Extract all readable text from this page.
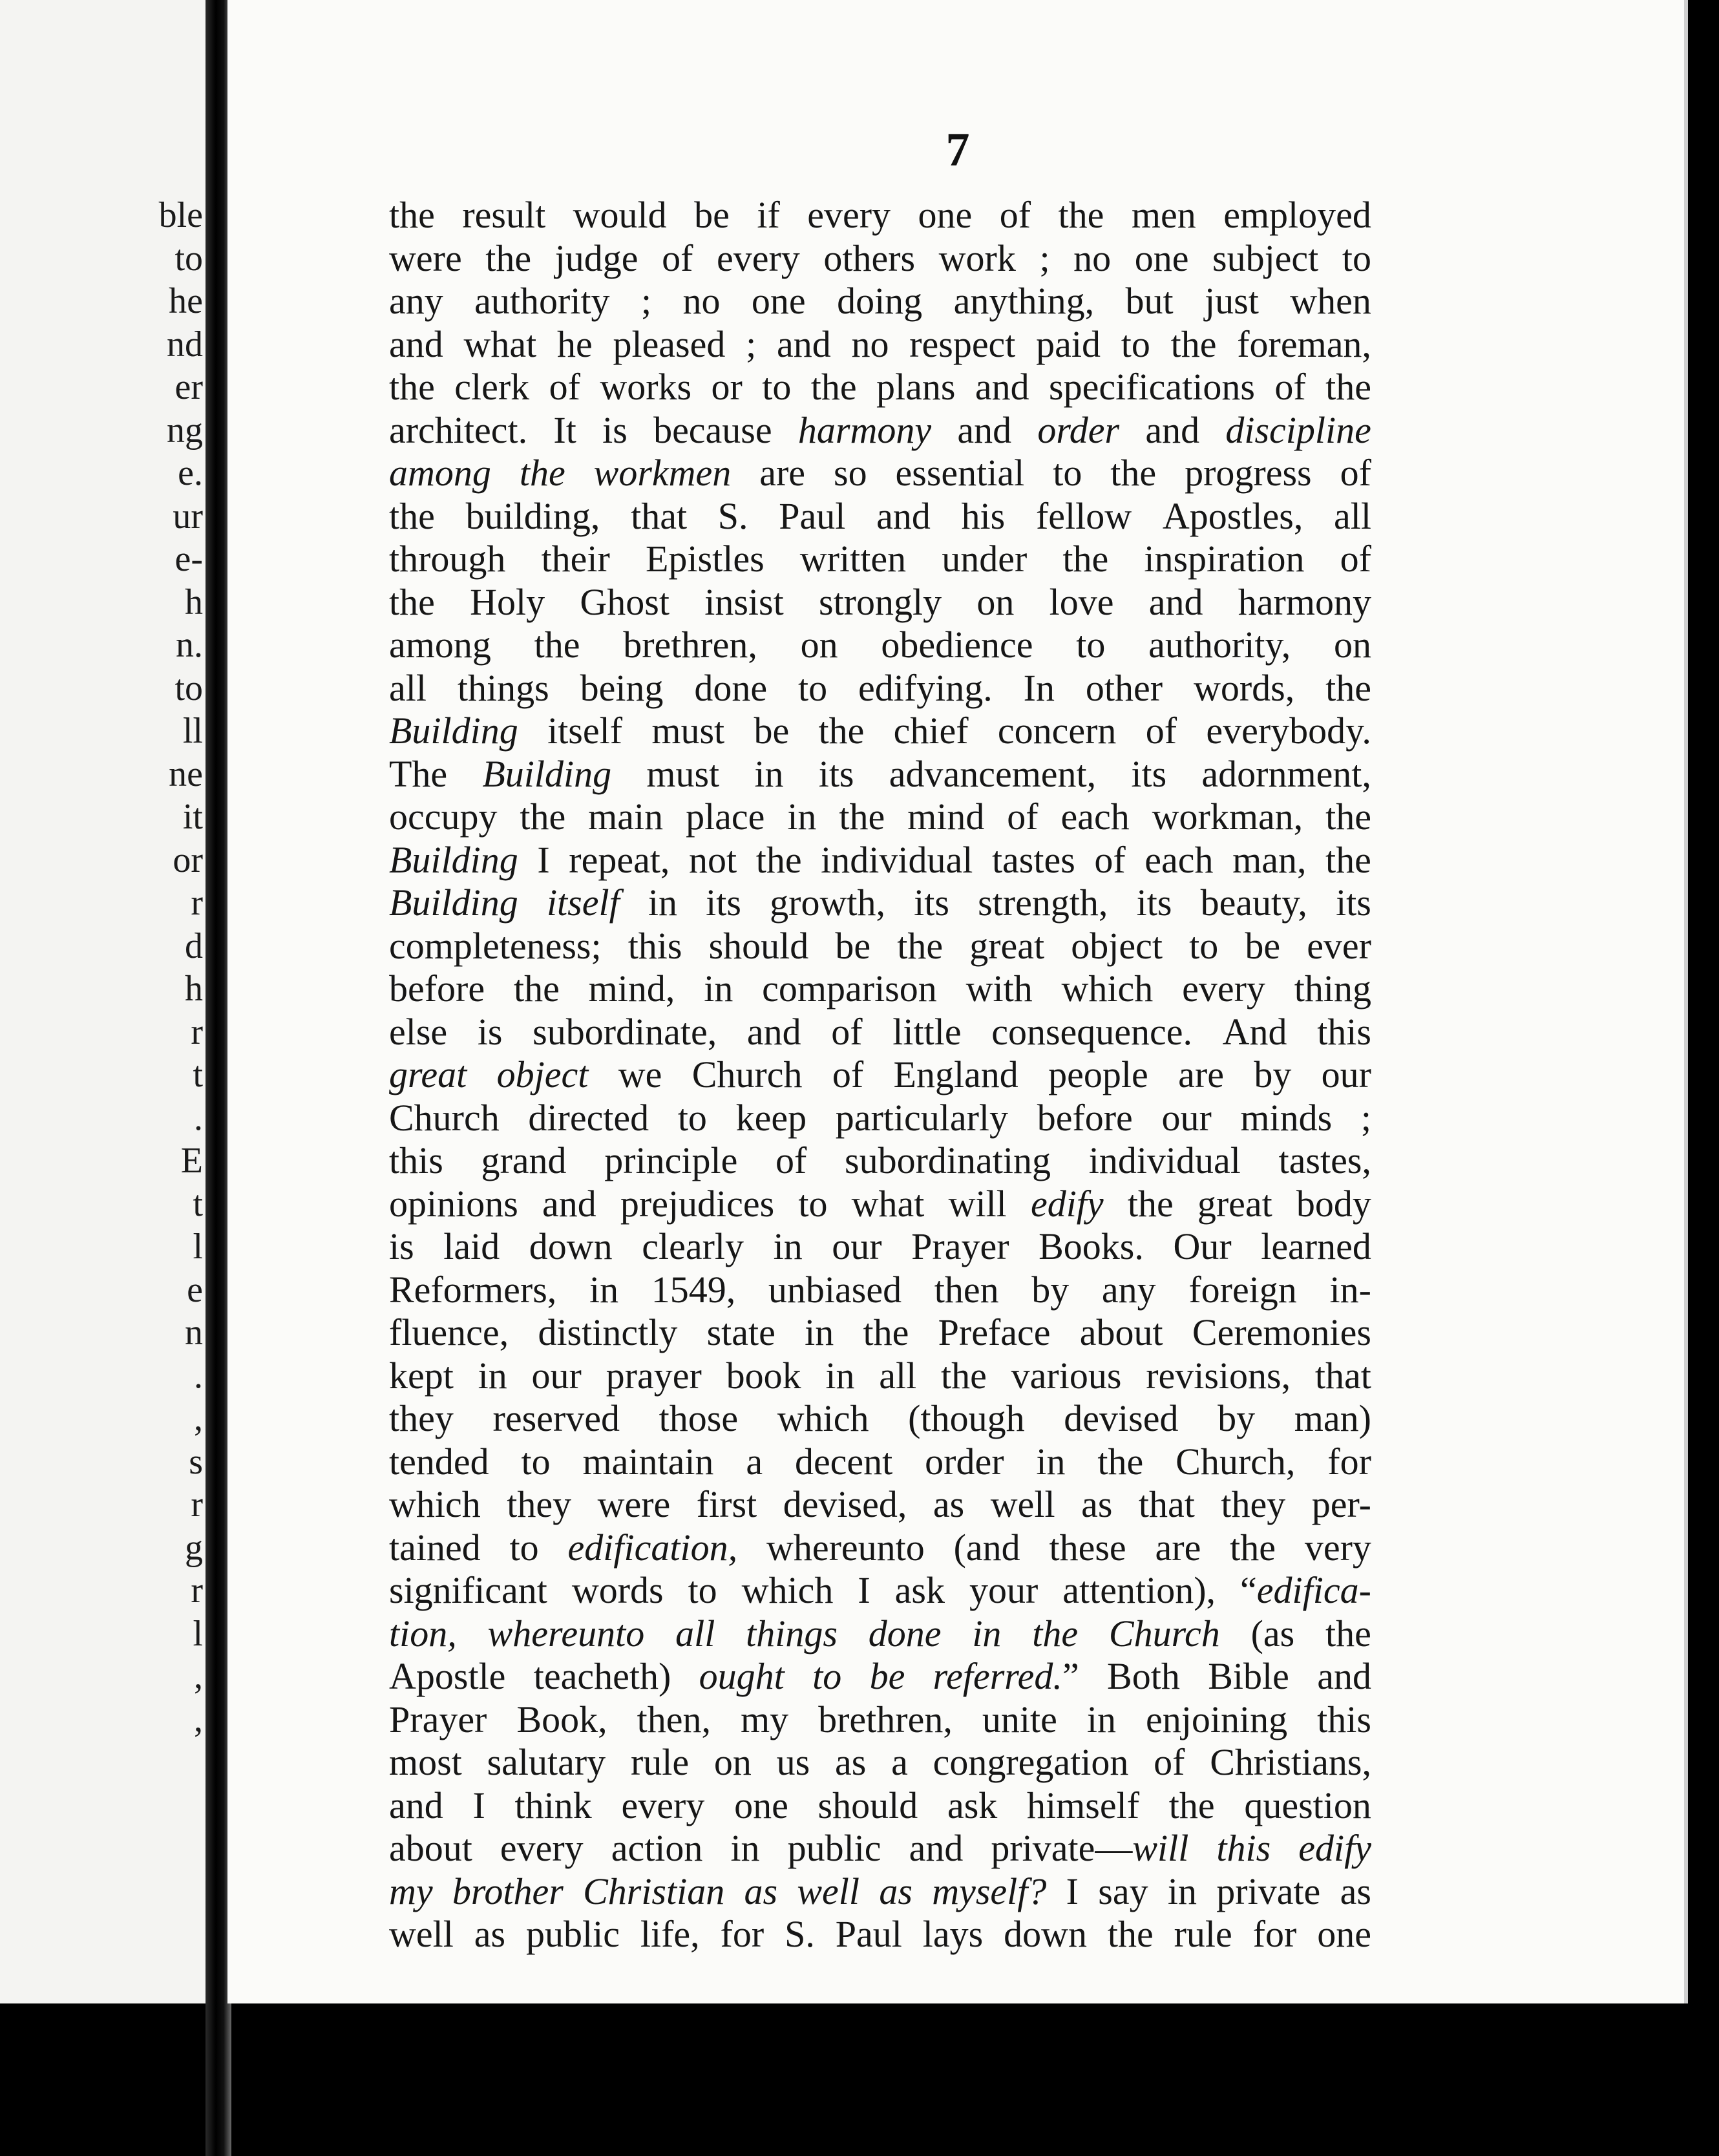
ble
to
he
nd
er
ng
e.
ur
e-
h
n.
to
ll
ne
it
or
r
d
h
r
t
.
E
t
l
e
n
.
,
s
r
g
r
l
,
,
7
the result would be if every one of the men employed
were the judge of every others work ; no one subject to
any authority ; no one doing anything, but just when
and what he pleased ; and no respect paid to the foreman,
the clerk of works or to the plans and specifications of the
architect. It is because harmony and order and discipline
among the workmen are so essential to the progress of
the building, that S. Paul and his fellow Apostles, all
through their Epistles written under the inspiration of
the Holy Ghost insist strongly on love and harmony
among the brethren, on obedience to authority, on
all things being done to edifying. In other words, the
Building itself must be the chief concern of everybody.
The Building must in its advancement, its adornment,
occupy the main place in the mind of each workman, the
Building I repeat, not the individual tastes of each man, the
Building itself in its growth, its strength, its beauty, its
completeness; this should be the great object to be ever
before the mind, in comparison with which every thing
else is subordinate, and of little consequence. And this
great object we Church of England people are by our
Church directed to keep particularly before our minds ;
this grand principle of subordinating individual tastes,
opinions and prejudices to what will edify the great body
is laid down clearly in our Prayer Books. Our learned
Reformers, in 1549, unbiased then by any foreign in-
fluence, distinctly state in the Preface about Ceremonies
kept in our prayer book in all the various revisions, that
they reserved those which (though devised by man)
tended to maintain a decent order in the Church, for
which they were first devised, as well as that they per-
tained to edification, whereunto (and these are the very
significant words to which I ask your attention), “edifica-
tion, whereunto all things done in the Church (as the
Apostle teacheth) ought to be referred.” Both Bible and
Prayer Book, then, my brethren, unite in enjoining this
most salutary rule on us as a congregation of Christians,
and I think every one should ask himself the question
about every action in public and private—will this edify
my brother Christian as well as myself? I say in private as
well as public life, for S. Paul lays down the rule for one
